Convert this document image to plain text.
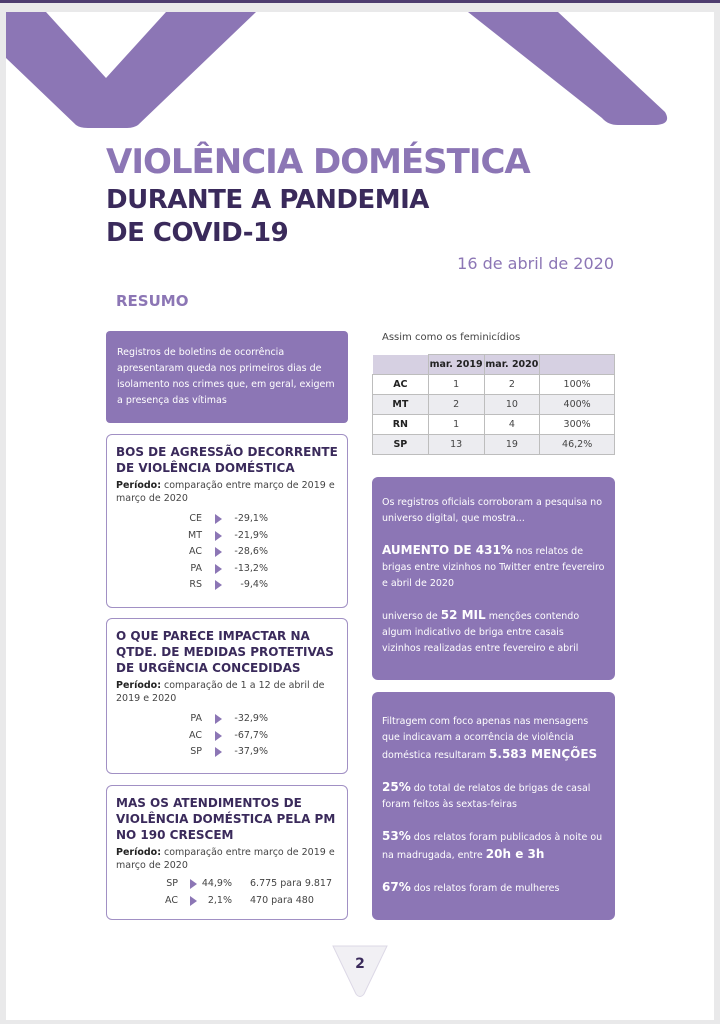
VIOLÊNCIA DOMÉSTICA
DURANTE A PANDEMIA
DE COVID-19
16 de abril de 2020
RESUMO
Registros de boletins de ocorrência apresentaram queda nos primeiros dias de isolamento nos crimes que, em geral, exigem a presença das vítimas
BOS DE AGRESSÃO DECORRENTE DE VIOLÊNCIA DOMÉSTICA
Período: comparação entre março de 2019 e março de 2020
CE	-29,1%
MT	-21,9%
AC	-28,6%
PA	-13,2%
RS	-9,4%
O QUE PARECE IMPACTAR NA QTDE. DE MEDIDAS PROTETIVAS DE URGÊNCIA CONCEDIDAS
Período: comparação de 1 a 12 de abril de 2019 e 2020
PA	-32,9%
AC	-67,7%
SP	-37,9%
MAS OS ATENDIMENTOS DE VIOLÊNCIA DOMÉSTICA PELA PM NO 190 CRESCEM
Período: comparação entre março de 2019 e março de 2020
SP	44,9% 6.775 para 9.817
AC	2,1% 470 para 480
Assim como os feminicídios
	mar. 2019	mar. 2020	
AC	1	2	100%
MT	2	10	400%
RN	1	4	300%
SP	13	19	46,2%

Os registros oficiais corroboram a pesquisa no universo digital, que mostra...

AUMENTO DE 431% nos relatos de brigas entre vizinhos no Twitter entre fevereiro e abril de 2020

universo de 52 MIL menções contendo algum indicativo de briga entre casais vizinhos realizadas entre fevereiro e abril

Filtragem com foco apenas nas mensagens que indicavam a ocorrência de violência doméstica resultaram 5.583 MENÇÕES

25% do total de relatos de brigas de casal foram feitos às sextas-feiras

53% dos relatos foram publicados à noite ou na madrugada, entre 20h e 3h

67% dos relatos foram de mulheres

2
